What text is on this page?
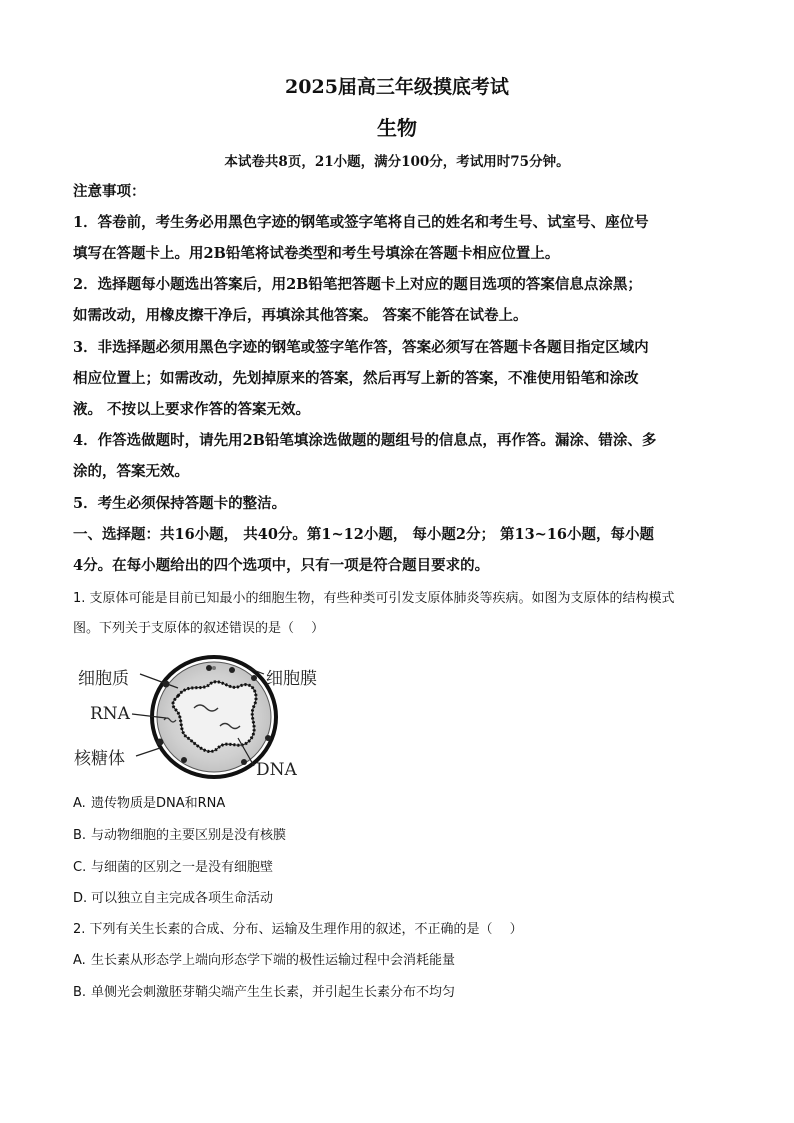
2025届高三年级摸底考试
生物
本试卷共8页，21小题，满分100分，考试用时75分钟。
注意事项：
1．答卷前，考生务必用黑色字迹的钢笔或签字笔将自己的姓名和考生号、试室号、座位号
填写在答题卡上。用2B铅笔将试卷类型和考生号填涂在答题卡相应位置上。
2．选择题每小题选出答案后，用2B铅笔把答题卡上对应的题目选项的答案信息点涂黑；
如需改动，用橡皮擦干净后，再填涂其他答案。 答案不能答在试卷上。
3．非选择题必须用黑色字迹的钢笔或签字笔作答，答案必须写在答题卡各题目指定区域内
相应位置上；如需改动，先划掉原来的答案，然后再写上新的答案，不准使用铅笔和涂改
液。 不按以上要求作答的答案无效。
4．作答选做题时，请先用2B铅笔填涂选做题的题组号的信息点，再作答。漏涂、错涂、多
涂的，答案无效。
5．考生必须保持答题卡的整洁。
一、选择题：共16小题， 共40分。第1~12小题， 每小题2分； 第13~16小题，每小题
4分。在每小题给出的四个选项中，只有一项是符合题目要求的。
1. 支原体可能是目前已知最小的细胞生物，有些种类可引发支原体肺炎等疾病。如图为支原体的结构模式
图。下列关于支原体的叙述错误的是（　 ）
细胞质	细胞膜
RNA
核糖体
DNA
A. 遗传物质是DNA和RNA
B. 与动物细胞的主要区别是没有核膜
C. 与细菌的区别之一是没有细胞壁
D. 可以独立自主完成各项生命活动
2. 下列有关生长素的合成、分布、运输及生理作用的叙述，不正确的是（　 ）
A. 生长素从形态学上端向形态学下端的极性运输过程中会消耗能量
B. 单侧光会刺激胚芽鞘尖端产生生长素，并引起生长素分布不均匀
